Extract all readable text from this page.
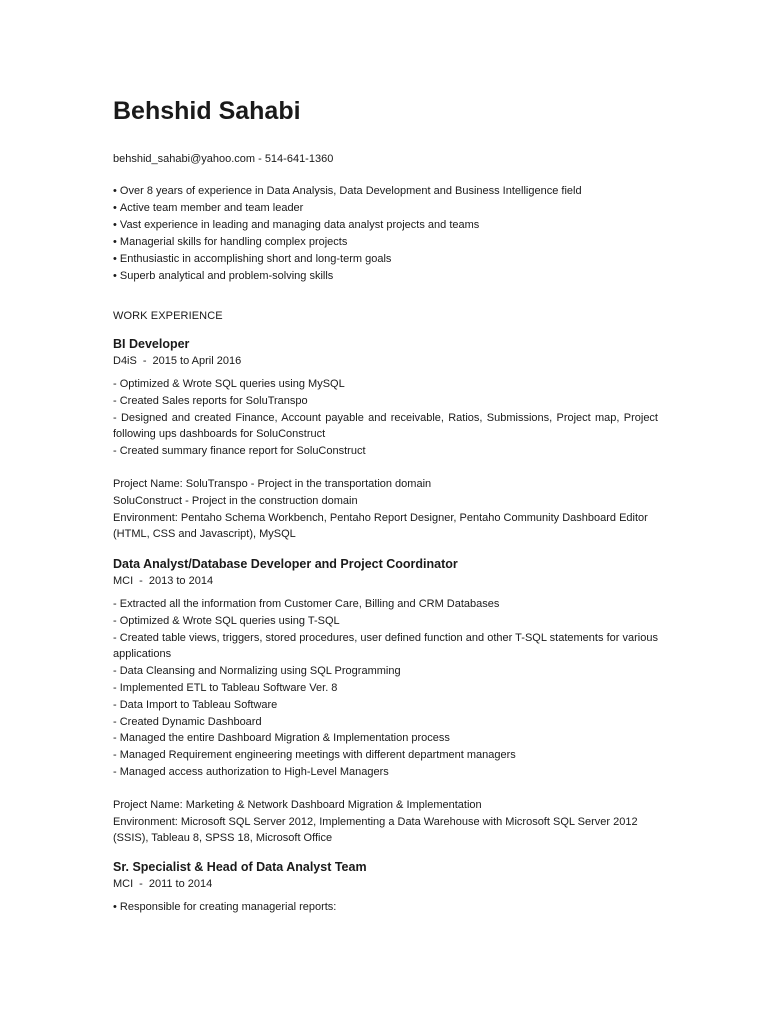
Behshid Sahabi
behshid_sahabi@yahoo.com - 514-641-1360
• Over 8 years of experience in Data Analysis, Data Development and Business Intelligence field
• Active team member and team leader
• Vast experience in leading and managing data analyst projects and teams
• Managerial skills for handling complex projects
• Enthusiastic in accomplishing short and long-term goals
• Superb analytical and problem-solving skills
WORK EXPERIENCE
BI Developer
D4iS - 2015 to April 2016
- Optimized & Wrote SQL queries using MySQL
- Created Sales reports for SoluTranspo
- Designed and created Finance, Account payable and receivable, Ratios, Submissions, Project map, Project following ups dashboards for SoluConstruct
- Created summary finance report for SoluConstruct
Project Name: SoluTranspo - Project in the transportation domain
SoluConstruct - Project in the construction domain
Environment: Pentaho Schema Workbench, Pentaho Report Designer, Pentaho Community Dashboard Editor (HTML, CSS and Javascript), MySQL
Data Analyst/Database Developer and Project Coordinator
MCI - 2013 to 2014
- Extracted all the information from Customer Care, Billing and CRM Databases
- Optimized & Wrote SQL queries using T-SQL
- Created table views, triggers, stored procedures, user defined function and other T-SQL statements for various applications
- Data Cleansing and Normalizing using SQL Programming
- Implemented ETL to Tableau Software Ver. 8
- Data Import to Tableau Software
- Created Dynamic Dashboard
- Managed the entire Dashboard Migration & Implementation process
- Managed Requirement engineering meetings with different department managers
- Managed access authorization to High-Level Managers
Project Name: Marketing & Network Dashboard Migration & Implementation
Environment: Microsoft SQL Server 2012, Implementing a Data Warehouse with Microsoft SQL Server 2012 (SSIS), Tableau 8, SPSS 18, Microsoft Office
Sr. Specialist & Head of Data Analyst Team
MCI - 2011 to 2014
• Responsible for creating managerial reports:
